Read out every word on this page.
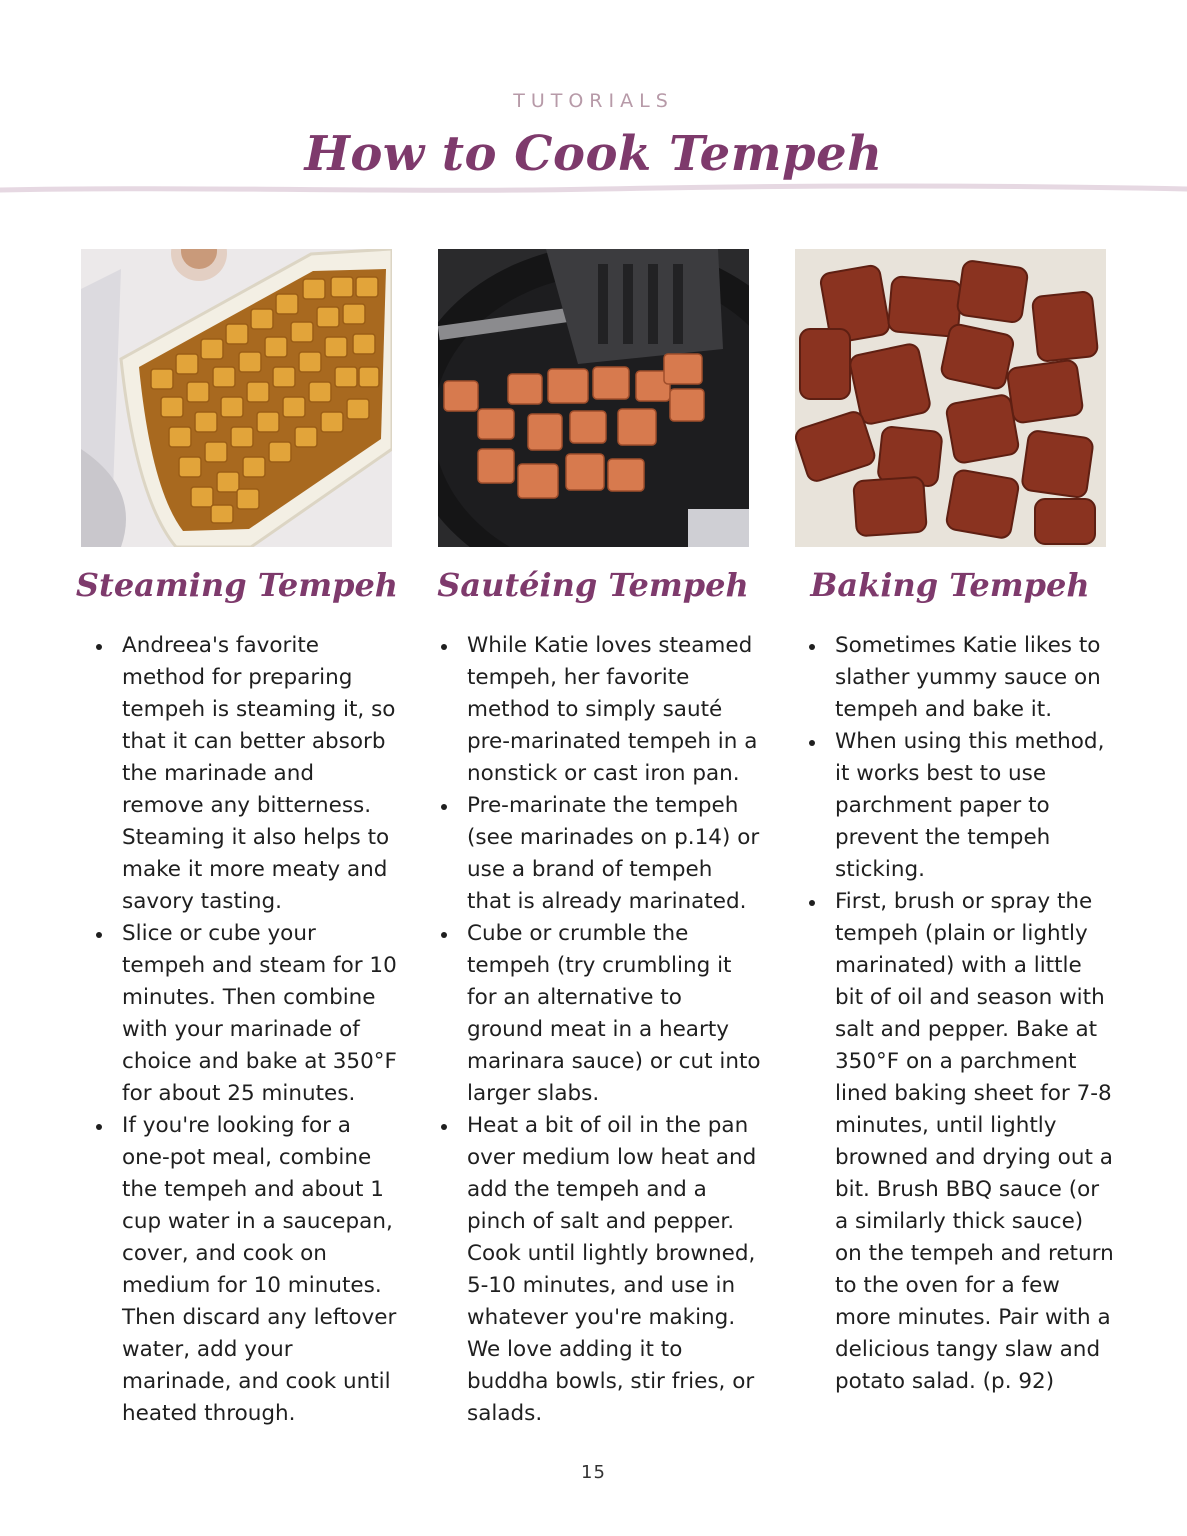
TUTORIALS
How to Cook Tempeh
Steaming Tempeh Sautéing Tempeh	Baking Tempeh
Andreea's favorite method for preparing tempeh is steaming it, so that it can better absorb the marinade and remove any bitterness. Steaming it also helps to make it more meaty and savory tasting.
Slice or cube your tempeh and steam for 10 minutes. Then combine with your marinade of choice and bake at 350°F for about 25 minutes.
If you're looking for a one-pot meal, combine the tempeh and about 1 cup water in a saucepan, cover, and cook on medium for 10 minutes. Then discard any leftover water, add your marinade, and cook until heated through.
While Katie loves steamed tempeh, her favorite method to simply sauté pre-marinated tempeh in a nonstick or cast iron pan.
Pre-marinate the tempeh (see marinades on p.14) or use a brand of tempeh that is already marinated.
Cube or crumble the tempeh (try crumbling it for an alternative to ground meat in a hearty marinara sauce) or cut into larger slabs.
Heat a bit of oil in the pan over medium low heat and add the tempeh and a pinch of salt and pepper. Cook until lightly browned, 5-10 minutes, and use in whatever you're making. We love adding it to buddha bowls, stir fries, or salads.
Sometimes Katie likes to slather yummy sauce on tempeh and bake it.
When using this method, it works best to use parchment paper to prevent the tempeh sticking.
First, brush or spray the tempeh (plain or lightly marinated) with a little bit of oil and season with salt and pepper. Bake at 350°F on a parchment lined baking sheet for 7-8 minutes, until lightly browned and drying out a bit. Brush BBQ sauce (or a similarly thick sauce) on the tempeh and return to the oven for a few more minutes. Pair with a delicious tangy slaw and potato salad. (p. 92)
15
